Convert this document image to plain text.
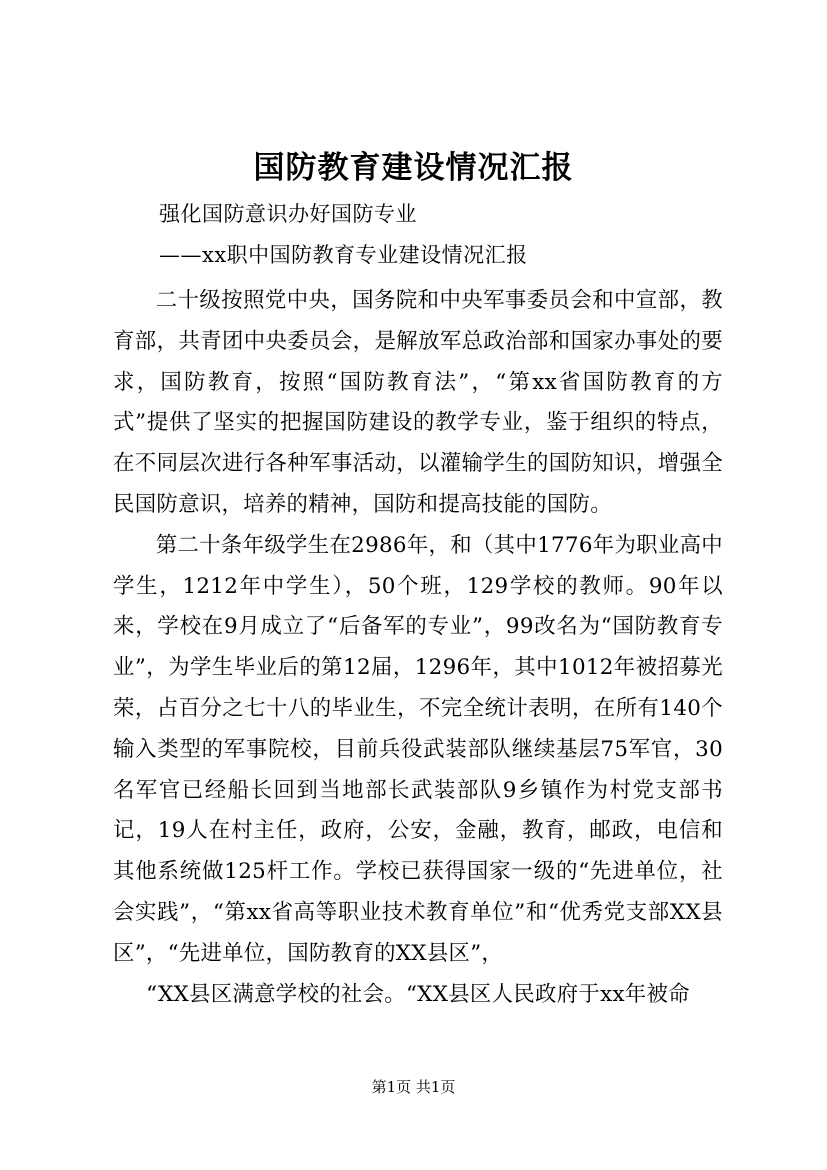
国防教育建设情况汇报
强化国防意识办好国防专业
——xx职中国防教育专业建设情况汇报

二十级按照党中央，国务院和中央军事委员会和中宣部，教育部，共青团中央委员会，是解放军总政治部和国家办事处的要求，国防教育，按照“国防教育法”，“第xx省国防教育的方式”提供了坚实的把握国防建设的教学专业，鉴于组织的特点，在不同层次进行各种军事活动，以灌输学生的国防知识，增强全民国防意识，培养的精神，国防和提高技能的国防。

第二十条年级学生在2986年，和（其中1776年为职业高中学生，1212年中学生），50个班，129学校的教师。90年以来，学校在9月成立了“后备军的专业”，99改名为“国防教育专业”，为学生毕业后的第12届，1296年，其中1012年被招募光荣，占百分之七十八的毕业生，不完全统计表明，在所有140个输入类型的军事院校，目前兵役武装部队继续基层75军官，30名军官已经船长回到当地部长武装部队9乡镇作为村党支部书记，19人在村主任，政府，公安，金融，教育，邮政，电信和其他系统做125杆工作。学校已获得国家一级的“先进单位，社会实践”，“第xx省高等职业技术教育单位”和“优秀党支部XX县区”，“先进单位，国防教育的XX县区”，

“XX县区满意学校的社会。“XX县区人民政府于xx年被命

第1页 共1页
